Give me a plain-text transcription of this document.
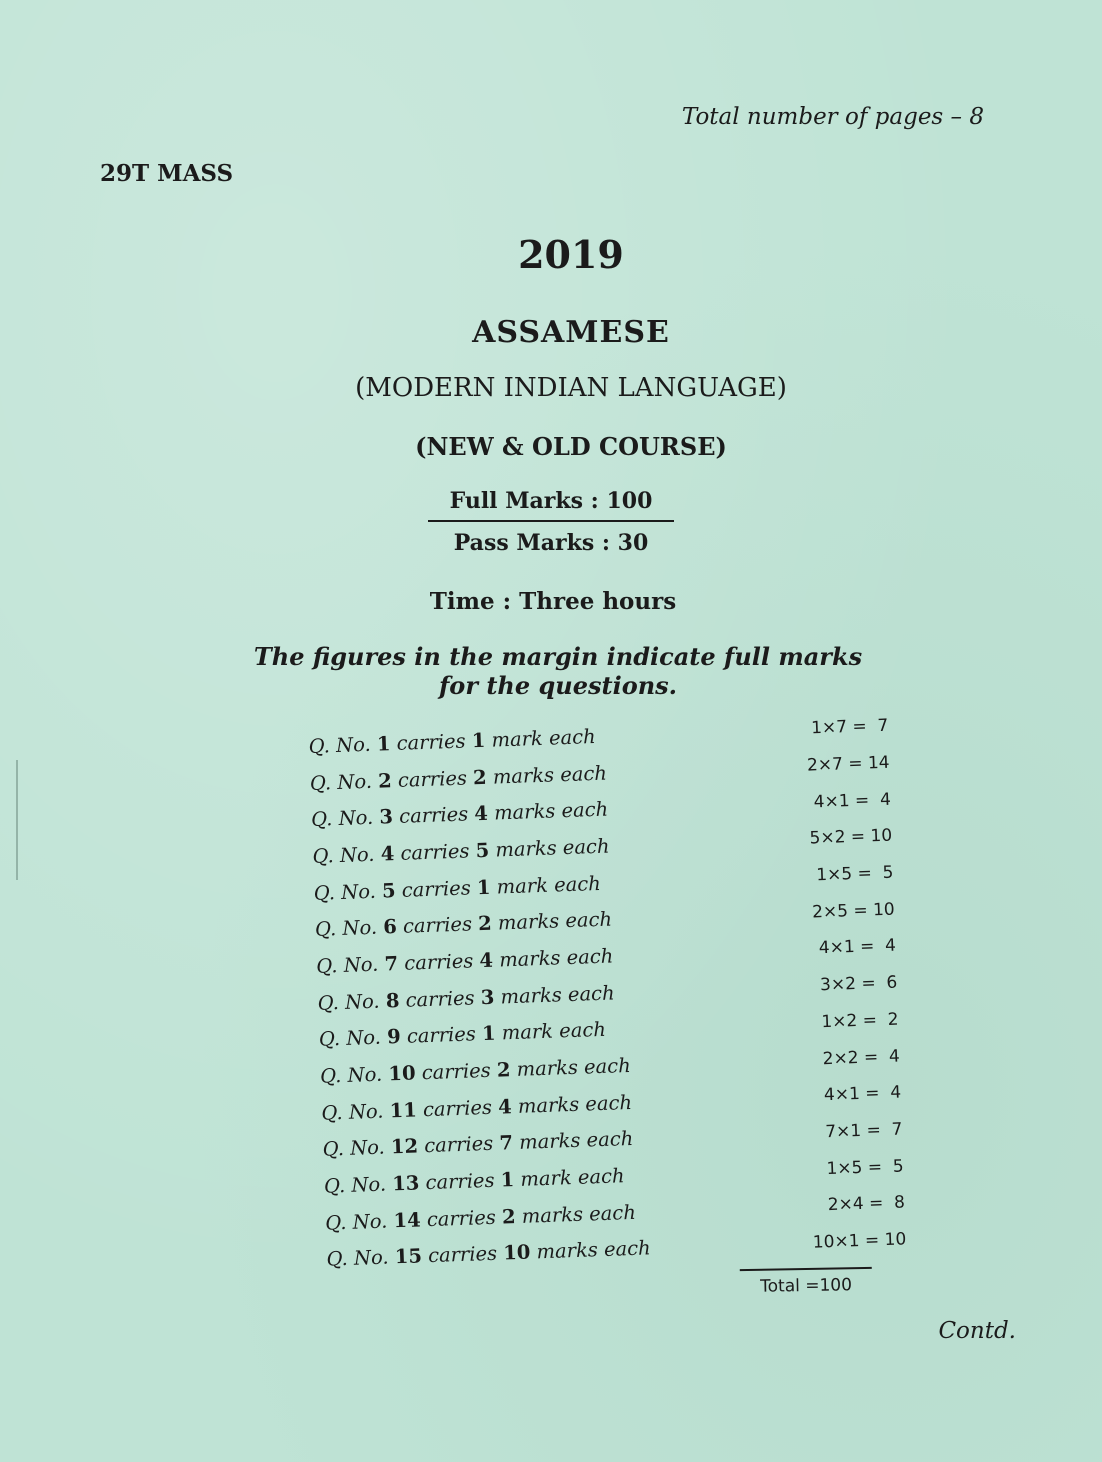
Total number of pages – 8
29T MASS
2019
ASSAMESE
(MODERN INDIAN LANGUAGE)
(NEW & OLD COURSE)
Full Marks : 100
Pass Marks : 30
Time : Three hours
The figures in the margin indicate full marks
for the questions.
Q. No. 1 carries 1 mark each	1×7 =  7
Q. No. 2 carries 2 marks each	2×7 = 14
Q. No. 3 carries 4 marks each	4×1 =  4
Q. No. 4 carries 5 marks each	5×2 = 10
Q. No. 5 carries 1 mark each	1×5 =  5
Q. No. 6 carries 2 marks each	2×5 = 10
Q. No. 7 carries 4 marks each	4×1 =  4
Q. No. 8 carries 3 marks each	3×2 =  6
Q. No. 9 carries 1 mark each	1×2 =  2
Q. No. 10 carries 2 marks each	2×2 =  4
Q. No. 11 carries 4 marks each	4×1 =  4
Q. No. 12 carries 7 marks each	7×1 =  7
Q. No. 13 carries 1 mark each	1×5 =  5
Q. No. 14 carries 2 marks each	2×4 =  8
Q. No. 15 carries 10 marks each	10×1 = 10
Total =100
Contd.
